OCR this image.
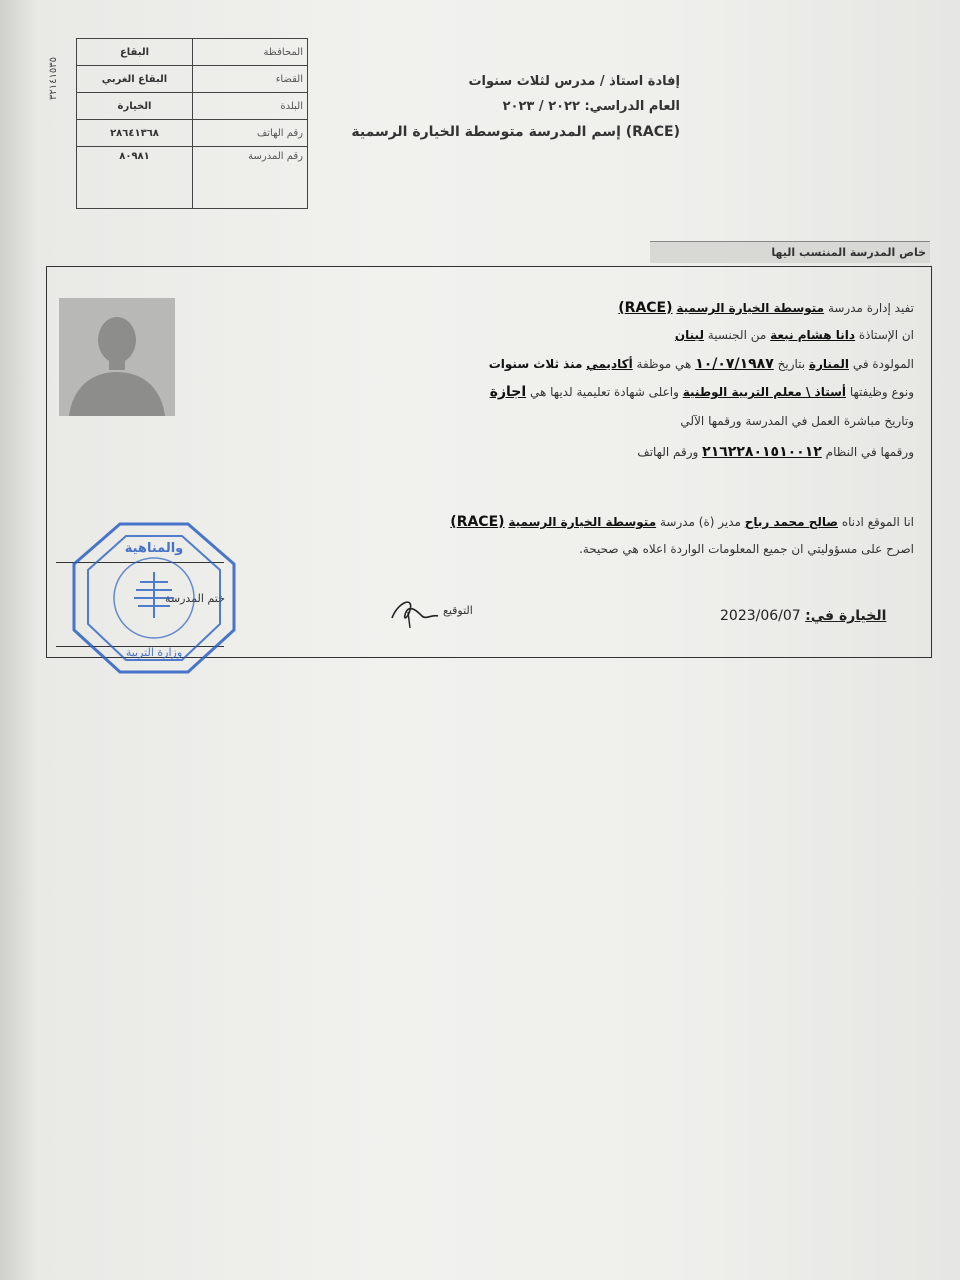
المحافظة	البقاع
القضاء	البقاع الغربي
البلدة	الخيارة
رقم الهاتف	٢٨٦٤١٣٦٨
رقم المدرسة	٨٠٩٨١
٣٢١٤١٥٣٥	إفادة استاذ / مدرس لثلاث سنوات
العام الدراسي: ٢٠٢٢ / ٢٠٢٣
(RACE) إسم المدرسة متوسطة الخيارة الرسمية
خاص المدرسة المنتسب اليها
تفيد إدارة مدرسة متوسطة الخيارة الرسمية (RACE)
ان الإستاذة دانا هشام نبعة من الجنسية لبنان
المولودة في المنارة بتاريخ ١٠/٠٧/١٩٨٧ هي موظفة أكاديمي منذ ثلاث سنوات
ونوع وظيفتها أستاذ \ معلم التربية الوطنية واعلى شهادة تعليمية لديها هي اجازة
وتاريخ مباشرة العمل في المدرسة ورقمها الآلي
ورقمها في النظام ٢١٦٢٢٨٠١٥١٠٠١٢ ورقم الهاتف
انا الموقع ادناه صالح محمد رباح مدير (ة) مدرسة متوسطة الخيارة الرسمية (RACE)
اصرح على مسؤوليتي ان جميع المعلومات الواردة اعلاه هي صحيحة.
ختم المدرسة
والمناهية
وزارة التربية
التوقيع	2023/06/07 الخيارة في:
